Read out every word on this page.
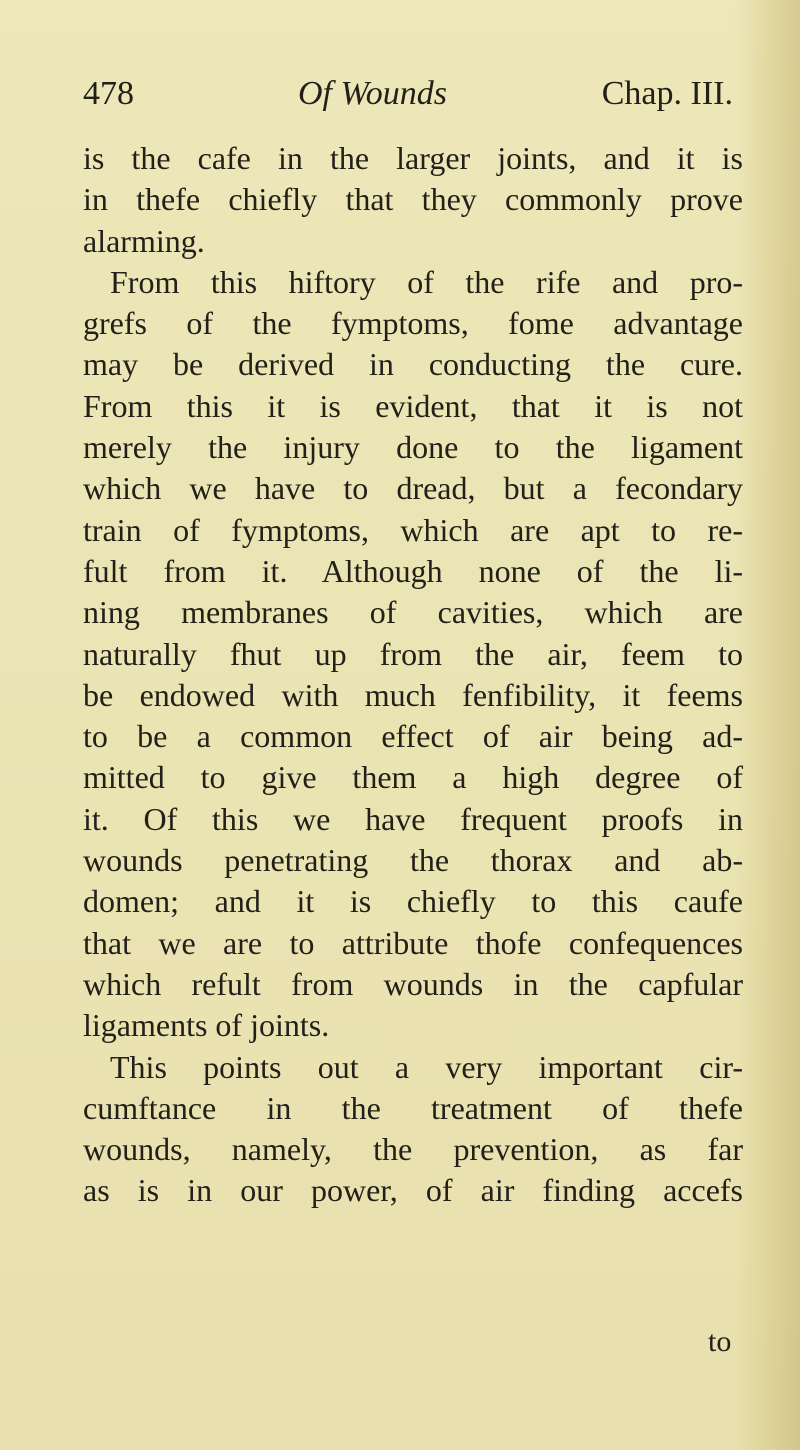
478	Of Wounds	Chap. III.
is the cafe in the larger joints, and it is
in thefe chiefly that they commonly prove
alarming.
From this hiftory of the rife and pro-
grefs of the fymptoms, fome advantage
may be derived in conducting the cure.
From this it is evident, that it is not
merely the injury done to the ligament
which we have to dread, but a fecondary
train of fymptoms, which are apt to re-
fult from it. Although none of the li-
ning membranes of cavities, which are
naturally fhut up from the air, feem to
be endowed with much fenfibility, it feems
to be a common effect of air being ad-
mitted to give them a high degree of
it. Of this we have frequent proofs in
wounds penetrating the thorax and ab-
domen; and it is chiefly to this caufe
that we are to attribute thofe confequences
which refult from wounds in the capfular
ligaments of joints.
This points out a very important cir-
cumftance in the treatment of thefe
wounds, namely, the prevention, as far
as is in our power, of air finding accefs
to
